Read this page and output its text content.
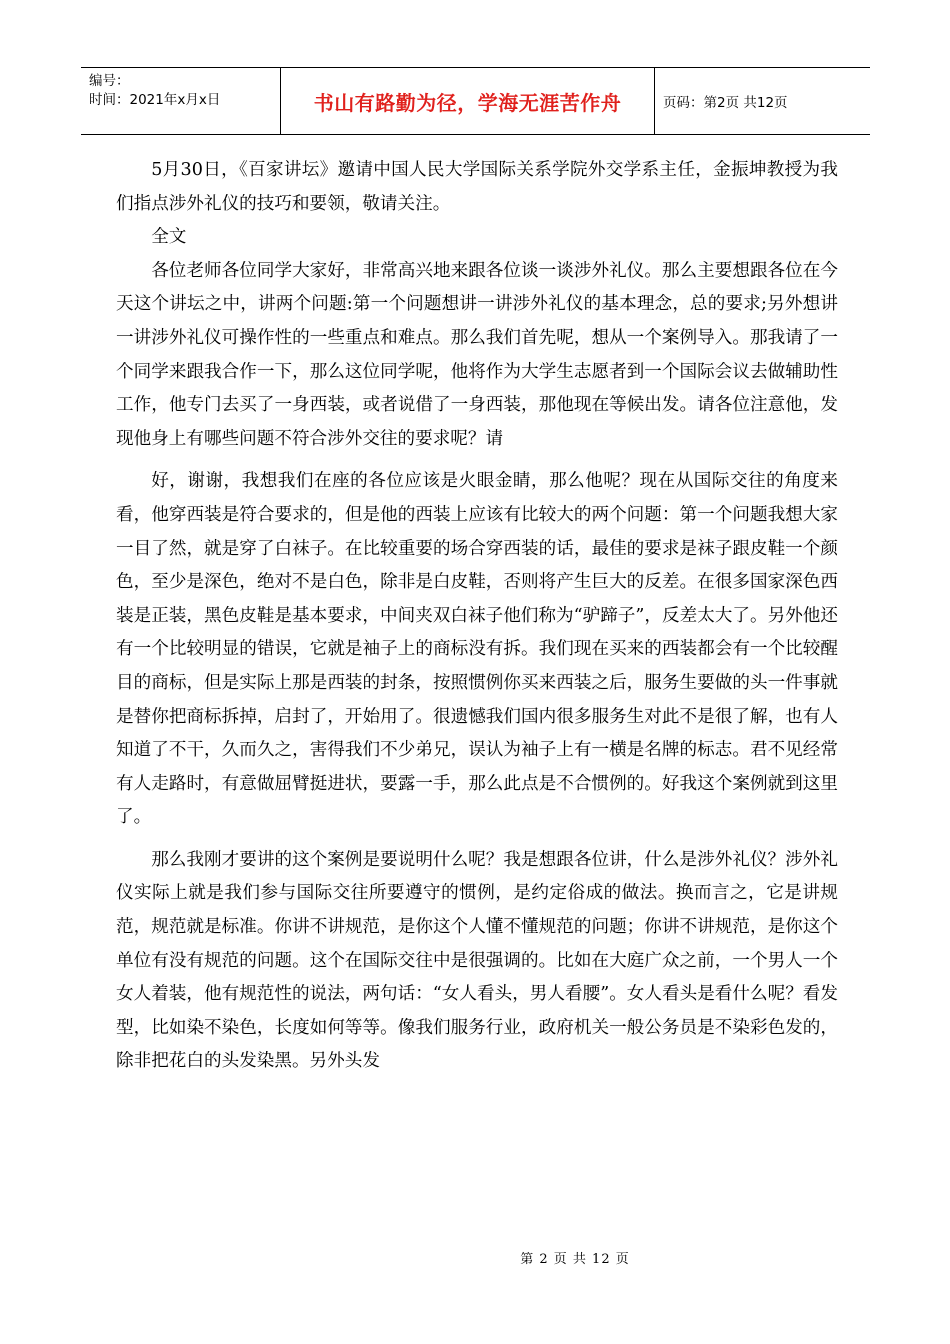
编号：
时间：2021年x月x日	书山有路勤为径，学海无涯苦作舟	页码：第2页 共12页

5月30日，《百家讲坛》邀请中国人民大学国际关系学院外交学系主任，金振坤教授为我们指点涉外礼仪的技巧和要领，敬请关注。

全文

各位老师各位同学大家好，非常高兴地来跟各位谈一谈涉外礼仪。那么主要想跟各位在今天这个讲坛之中，讲两个问题:第一个问题想讲一讲涉外礼仪的基本理念，总的要求;另外想讲一讲涉外礼仪可操作性的一些重点和难点。那么我们首先呢，想从一个案例导入。那我请了一个同学来跟我合作一下，那么这位同学呢，他将作为大学生志愿者到一个国际会议去做辅助性工作，他专门去买了一身西装，或者说借了一身西装，那他现在等候出发。请各位注意他，发现他身上有哪些问题不符合涉外交往的要求呢？请

好，谢谢，我想我们在座的各位应该是火眼金睛，那么他呢？现在从国际交往的角度来看，他穿西装是符合要求的，但是他的西装上应该有比较大的两个问题：第一个问题我想大家一目了然，就是穿了白袜子。在比较重要的场合穿西装的话，最佳的要求是袜子跟皮鞋一个颜色，至少是深色，绝对不是白色，除非是白皮鞋，否则将产生巨大的反差。在很多国家深色西装是正装，黑色皮鞋是基本要求，中间夹双白袜子他们称为“驴蹄子”，反差太大了。另外他还有一个比较明显的错误，它就是袖子上的商标没有拆。我们现在买来的西装都会有一个比较醒目的商标，但是实际上那是西装的封条，按照惯例你买来西装之后，服务生要做的头一件事就是替你把商标拆掉，启封了，开始用了。很遗憾我们国内很多服务生对此不是很了解，也有人知道了不干，久而久之，害得我们不少弟兄，误认为袖子上有一横是名牌的标志。君不见经常有人走路时，有意做屈臂挺进状，要露一手，那么此点是不合惯例的。好我这个案例就到这里了。

那么我刚才要讲的这个案例是要说明什么呢？我是想跟各位讲，什么是涉外礼仪？涉外礼仪实际上就是我们参与国际交往所要遵守的惯例，是约定俗成的做法。换而言之，它是讲规范，规范就是标准。你讲不讲规范，是你这个人懂不懂规范的问题；你讲不讲规范，是你这个单位有没有规范的问题。这个在国际交往中是很强调的。比如在大庭广众之前，一个男人一个女人着装，他有规范性的说法，两句话：“女人看头，男人看腰”。女人看头是看什么呢？看发型，比如染不染色，长度如何等等。像我们服务行业，政府机关一般公务员是不染彩色发的，除非把花白的头发染黑。另外头发

第 2 页 共 12 页
